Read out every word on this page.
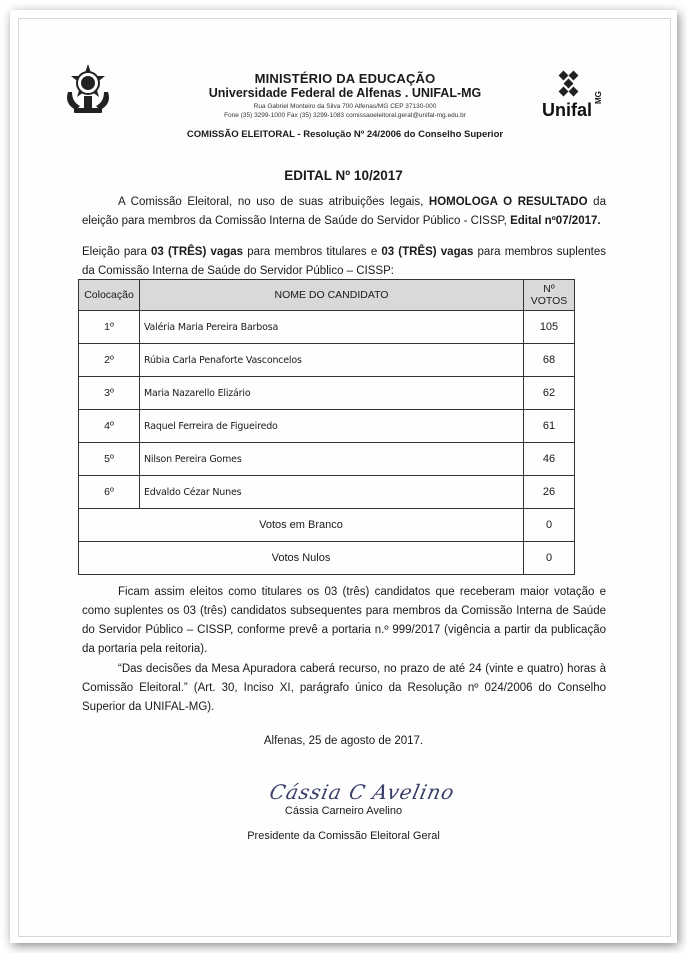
MINISTÉRIO DA EDUCAÇÃO
Universidade Federal de Alfenas . UNIFAL-MG
Rua Gabriel Monteiro da Silva 700 Alfenas/MG CEP 37130-000
Fone (35) 3299-1000 Fax (35) 3299-1083 comissaoeleitoral.geral@unifal-mg.edu.br
COMISSÃO ELEITORAL - Resolução Nº 24/2006 do Conselho Superior
Unifal
MG
EDITAL Nº 10/2017
A Comissão Eleitoral, no uso de suas atribuições legais, HOMOLOGA O RESULTADO da eleição para membros da Comissão Interna de Saúde do Servidor Público - CISSP, Edital nº07/2017.
Eleição para 03 (TRÊS) vagas para membros titulares e 03 (TRÊS) vagas para membros suplentes da Comissão Interna de Saúde do Servidor Público – CISSP:
Colocação	NOME DO CANDIDATO	Nº
VOTOS
1º	Valéria Maria Pereira Barbosa	105
2º	Rúbia Carla Penaforte Vasconcelos	68
3º	Maria Nazarello Elizário	62
4º	Raquel Ferreira de Figueiredo	61
5º	Nilson Pereira Gomes	46
6º	Edvaldo Cézar Nunes	26
Votos em Branco		0
Votos Nulos		0
Ficam assim eleitos como titulares os 03 (três) candidatos que receberam maior votação e como suplentes os 03 (três) candidatos subsequentes para membros da Comissão Interna de Saúde do Servidor Público – CISSP, conforme prevê a portaria n.º 999/2017 (vigência a partir da publicação da portaria pela reitoria).
“Das decisões da Mesa Apuradora caberá recurso, no prazo de até 24 (vinte e quatro) horas à Comissão Eleitoral.” (Art. 30, Inciso XI, parágrafo único da Resolução nº 024/2006 do Conselho Superior da UNIFAL-MG).
Alfenas, 25 de agosto de 2017.
Cássia C Avelino
Cássia Carneiro Avelino
Presidente da Comissão Eleitoral Geral
